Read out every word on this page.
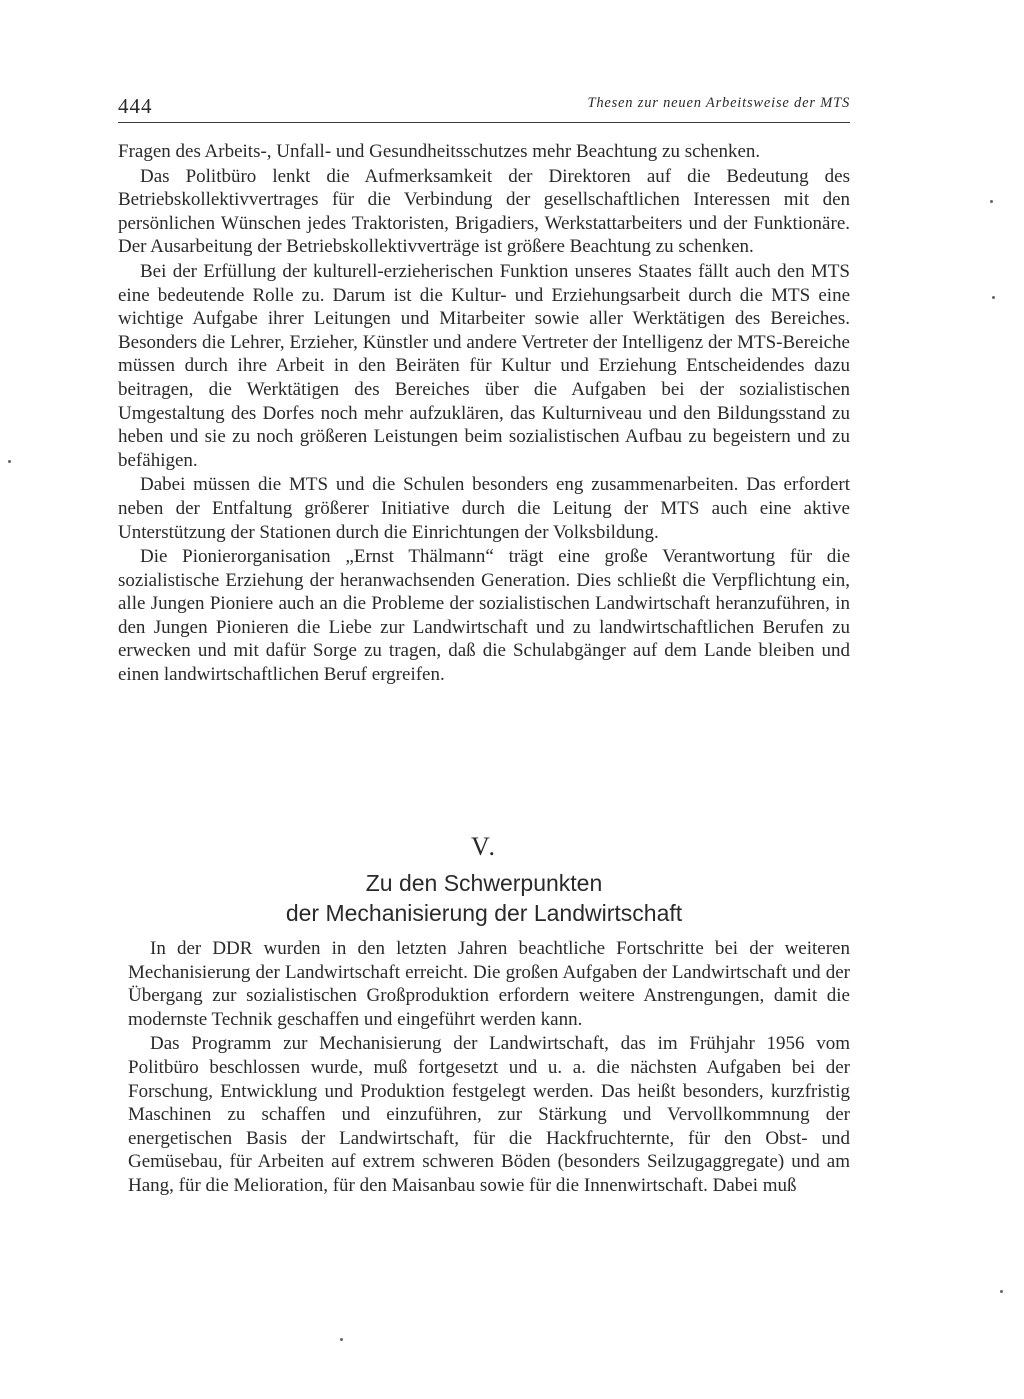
444	Thesen zur neuen Arbeitsweise der MTS

Fragen des Arbeits-, Unfall- und Gesundheitsschutzes mehr Beachtung zu schenken.

Das Politbüro lenkt die Aufmerksamkeit der Direktoren auf die Bedeutung des Betriebskollektivvertrages für die Verbindung der gesellschaftlichen Interessen mit den persönlichen Wünschen jedes Traktoristen, Brigadiers, Werkstattarbeiters und der Funktionäre. Der Ausarbeitung der Betriebskollektivverträge ist größere Beachtung zu schenken.

Bei der Erfüllung der kulturell-erzieherischen Funktion unseres Staates fällt auch den MTS eine bedeutende Rolle zu. Darum ist die Kultur- und Erziehungsarbeit durch die MTS eine wichtige Aufgabe ihrer Leitungen und Mitarbeiter sowie aller Werktätigen des Bereiches. Besonders die Lehrer, Erzieher, Künstler und andere Vertreter der Intelligenz der MTS-Bereiche müssen durch ihre Arbeit in den Beiräten für Kultur und Erziehung Entscheidendes dazu beitragen, die Werktätigen des Bereiches über die Aufgaben bei der sozialistischen Umgestaltung des Dorfes noch mehr aufzuklären, das Kulturniveau und den Bildungsstand zu heben und sie zu noch größeren Leistungen beim sozialistischen Aufbau zu begeistern und zu befähigen.

Dabei müssen die MTS und die Schulen besonders eng zusammenarbeiten. Das erfordert neben der Entfaltung größerer Initiative durch die Leitung der MTS auch eine aktive Unterstützung der Stationen durch die Einrichtungen der Volksbildung.

Die Pionierorganisation „Ernst Thälmann“ trägt eine große Verantwortung für die sozialistische Erziehung der heranwachsenden Generation. Dies schließt die Verpflichtung ein, alle Jungen Pioniere auch an die Probleme der sozialistischen Landwirtschaft heranzuführen, in den Jungen Pionieren die Liebe zur Landwirtschaft und zu landwirtschaftlichen Berufen zu erwecken und mit dafür Sorge zu tragen, daß die Schulabgänger auf dem Lande bleiben und einen landwirtschaftlichen Beruf ergreifen.

V.
Zu den Schwerpunkten
der Mechanisierung der Landwirtschaft

In der DDR wurden in den letzten Jahren beachtliche Fortschritte bei der weiteren Mechanisierung der Landwirtschaft erreicht. Die großen Aufgaben der Landwirtschaft und der Übergang zur sozialistischen Großproduktion erfordern weitere Anstrengungen, damit die modernste Technik geschaffen und eingeführt werden kann.

Das Programm zur Mechanisierung der Landwirtschaft, das im Frühjahr 1956 vom Politbüro beschlossen wurde, muß fortgesetzt und u. a. die nächsten Aufgaben bei der Forschung, Entwicklung und Produktion festgelegt werden. Das heißt besonders, kurzfristig Maschinen zu schaffen und einzuführen, zur Stärkung und Vervollkommnung der energetischen Basis der Landwirtschaft, für die Hackfruchternte, für den Obst- und Gemüsebau, für Arbeiten auf extrem schweren Böden (besonders Seilzugaggregate) und am Hang, für die Melioration, für den Maisanbau sowie für die Innenwirtschaft. Dabei muß
